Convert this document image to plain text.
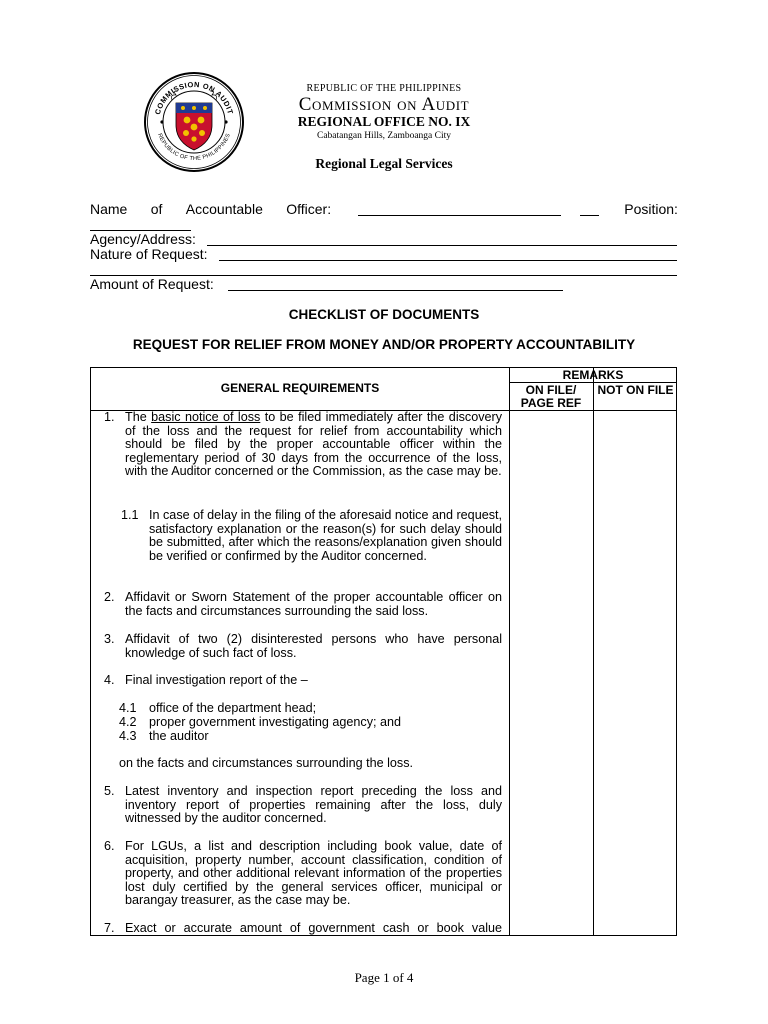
COMMISSION ON AUDIT
REPUBLIC OF THE PHILIPPINES
REPUBLIC OF THE PHILIPPINES
Commission on Audit
REGIONAL OFFICE NO. IX
Cabatangan Hills, Zamboanga City
Regional Legal Services
Name of Accountable Officer:	Position:
Agency/Address:
Nature of Request:
Amount of Request:
CHECKLIST OF DOCUMENTS
REQUEST FOR RELIEF FROM MONEY AND/OR PROPERTY ACCOUNTABILITY
GENERAL REQUIREMENTS
REMARKS
ON FILE/ PAGE REF
NOT ON FILE
1. The basic notice of loss to be filed immediately after the discovery of the loss and the request for relief from accountability which should be filed by the proper accountable officer within the reglementary period of 30 days from the occurrence of the loss, with the Auditor concerned or the Commission, as the case may be.
1.1 In case of delay in the filing of the aforesaid notice and request, satisfactory explanation or the reason(s) for such delay should be submitted, after which the reasons/explanation given should be verified or confirmed by the Auditor concerned.
2. Affidavit or Sworn Statement of the proper accountable officer on the facts and circumstances surrounding the said loss.
3. Affidavit of two (2) disinterested persons who have personal knowledge of such fact of loss.
4. Final investigation report of the –
4.1 office of the department head;
4.2 proper government investigating agency; and
4.3 the auditor
on the facts and circumstances surrounding the loss.
5. Latest inventory and inspection report preceding the loss and inventory report of properties remaining after the loss, duly witnessed by the auditor concerned.
6. For LGUs, a list and description including book value, date of acquisition, property number, account classification, condition of property, and other additional relevant information of the properties lost duly certified by the general services officer, municipal or barangay treasurer, as the case may be.
7. Exact or accurate amount of government cash or book value
Page 1 of 4
